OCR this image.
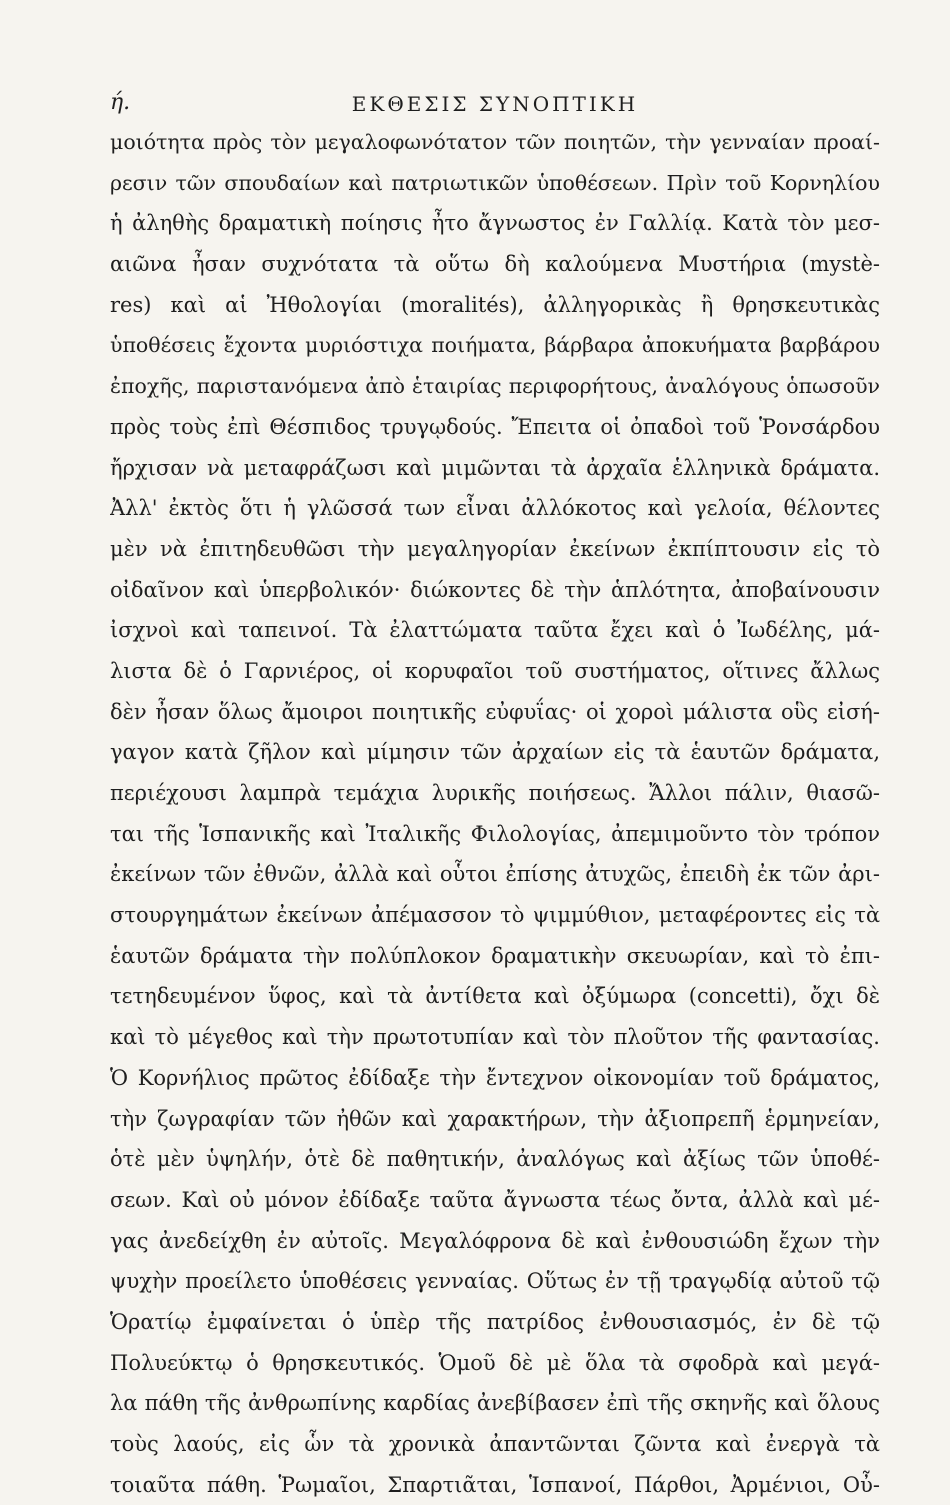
ή.	ΕΚΘΕΣΙΣ ΣΥΝΟΠΤΙΚΗ
μοιότητα πρὸς τὸν μεγαλοφωνότατον τῶν ποιητῶν, τὴν γενναίαν προαί-
ρεσιν τῶν σπουδαίων καὶ πατριωτικῶν ὑποθέσεων. Πρὶν τοῦ Κορνηλίου
ἡ ἀληθὴς δραματικὴ ποίησις ἦτο ἄγνωστος ἐν Γαλλίᾳ. Κατὰ τὸν μεσ-
αιῶνα ἦσαν συχνότατα τὰ οὕτω δὴ καλούμενα Μυστήρια (mystè-
res) καὶ αἱ Ἠθολογίαι (moralités), ἀλληγορικὰς ἢ θρησκευτικὰς
ὑποθέσεις ἔχοντα μυριόστιχα ποιήματα, βάρβαρα ἀποκυήματα βαρβάρου
ἐποχῆς, παριστανόμενα ἀπὸ ἑταιρίας περιφορήτους, ἀναλόγους ὁπωσοῦν
πρὸς τοὺς ἐπὶ Θέσπιδος τρυγῳδούς. Ἔπειτα οἱ ὀπαδοὶ τοῦ Ῥονσάρδου
ἤρχισαν νὰ μεταφράζωσι καὶ μιμῶνται τὰ ἀρχαῖα ἑλληνικὰ δράματα.
Ἀλλ' ἐκτὸς ὅτι ἡ γλῶσσά των εἶναι ἀλλόκοτος καὶ γελοία, θέλοντες
μὲν νὰ ἐπιτηδευθῶσι τὴν μεγαληγορίαν ἐκείνων ἐκπίπτουσιν εἰς τὸ
οἰδαῖνον καὶ ὑπερβολικόν· διώκοντες δὲ τὴν ἁπλότητα, ἀποβαίνουσιν
ἰσχνοὶ καὶ ταπεινοί. Τὰ ἐλαττώματα ταῦτα ἔχει καὶ ὁ Ἰωδέλης, μά-
λιστα δὲ ὁ Γαρνιέρος, οἱ κορυφαῖοι τοῦ συστήματος, οἵτινες ἄλλως
δὲν ἦσαν ὅλως ἄμοιροι ποιητικῆς εὐφυΐας· οἱ χοροὶ μάλιστα οὓς εἰσή-
γαγον κατὰ ζῆλον καὶ μίμησιν τῶν ἀρχαίων εἰς τὰ ἑαυτῶν δράματα,
περιέχουσι λαμπρὰ τεμάχια λυρικῆς ποιήσεως. Ἄλλοι πάλιν, θιασῶ-
ται τῆς Ἱσπανικῆς καὶ Ἰταλικῆς Φιλολογίας, ἀπεμιμοῦντο τὸν τρόπον
ἐκείνων τῶν ἐθνῶν, ἀλλὰ καὶ οὗτοι ἐπίσης ἀτυχῶς, ἐπειδὴ ἐκ τῶν ἀρι-
στουργημάτων ἐκείνων ἀπέμασσον τὸ ψιμμύθιον, μεταφέροντες εἰς τὰ
ἑαυτῶν δράματα τὴν πολύπλοκον δραματικὴν σκευωρίαν, καὶ τὸ ἐπι-
τετηδευμένον ὕφος, καὶ τὰ ἀντίθετα καὶ ὀξύμωρα (concetti), ὄχι δὲ
καὶ τὸ μέγεθος καὶ τὴν πρωτοτυπίαν καὶ τὸν πλοῦτον τῆς φαντασίας.
Ὁ Κορνήλιος πρῶτος ἐδίδαξε τὴν ἔντεχνον οἰκονομίαν τοῦ δράματος,
τὴν ζωγραφίαν τῶν ἠθῶν καὶ χαρακτήρων, τὴν ἀξιοπρεπῆ ἑρμηνείαν,
ὁτὲ μὲν ὑψηλήν, ὁτὲ δὲ παθητικήν, ἀναλόγως καὶ ἀξίως τῶν ὑποθέ-
σεων. Καὶ οὐ μόνον ἐδίδαξε ταῦτα ἄγνωστα τέως ὄντα, ἀλλὰ καὶ μέ-
γας ἀνεδείχθη ἐν αὐτοῖς. Μεγαλόφρονα δὲ καὶ ἐνθουσιώδη ἔχων τὴν
ψυχὴν προείλετο ὑποθέσεις γενναίας. Οὕτως ἐν τῇ τραγῳδίᾳ αὐτοῦ τῷ
Ὁρατίῳ ἐμφαίνεται ὁ ὑπὲρ τῆς πατρίδος ἐνθουσιασμός, ἐν δὲ τῷ
Πολυεύκτῳ ὁ θρησκευτικός. Ὁμοῦ δὲ μὲ ὅλα τὰ σφοδρὰ καὶ μεγά-
λα πάθη τῆς ἀνθρωπίνης καρδίας ἀνεβίβασεν ἐπὶ τῆς σκηνῆς καὶ ὅλους
τοὺς λαούς, εἰς ὧν τὰ χρονικὰ ἀπαντῶνται ζῶντα καὶ ἐνεργὰ τὰ
τοιαῦτα πάθη. Ῥωμαῖοι, Σπαρτιᾶται, Ἱσπανοί, Πάρθοι, Ἀρμένιοι, Οὖ-
